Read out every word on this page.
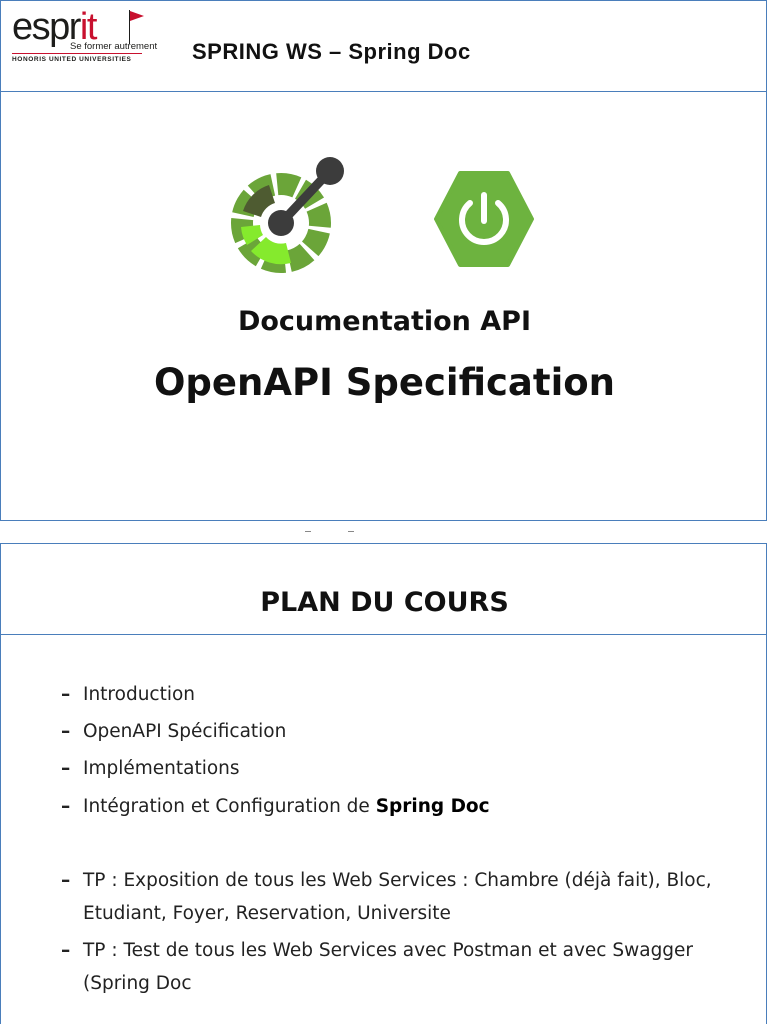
esprit
Se former autrement
HONORIS UNITED UNIVERSITIES	SPRING WS – Spring Doc
Documentation API
OpenAPI Specification
PLAN DU COURS
– Introduction
– OpenAPI Spécification
– Implémentations
– Intégration et Configuration de Spring Doc
– TP : Exposition de tous les Web Services : Chambre (déjà fait), Bloc, Etudiant, Foyer, Reservation, Universite
– TP : Test de tous les Web Services avec Postman et avec Swagger (Spring Doc
